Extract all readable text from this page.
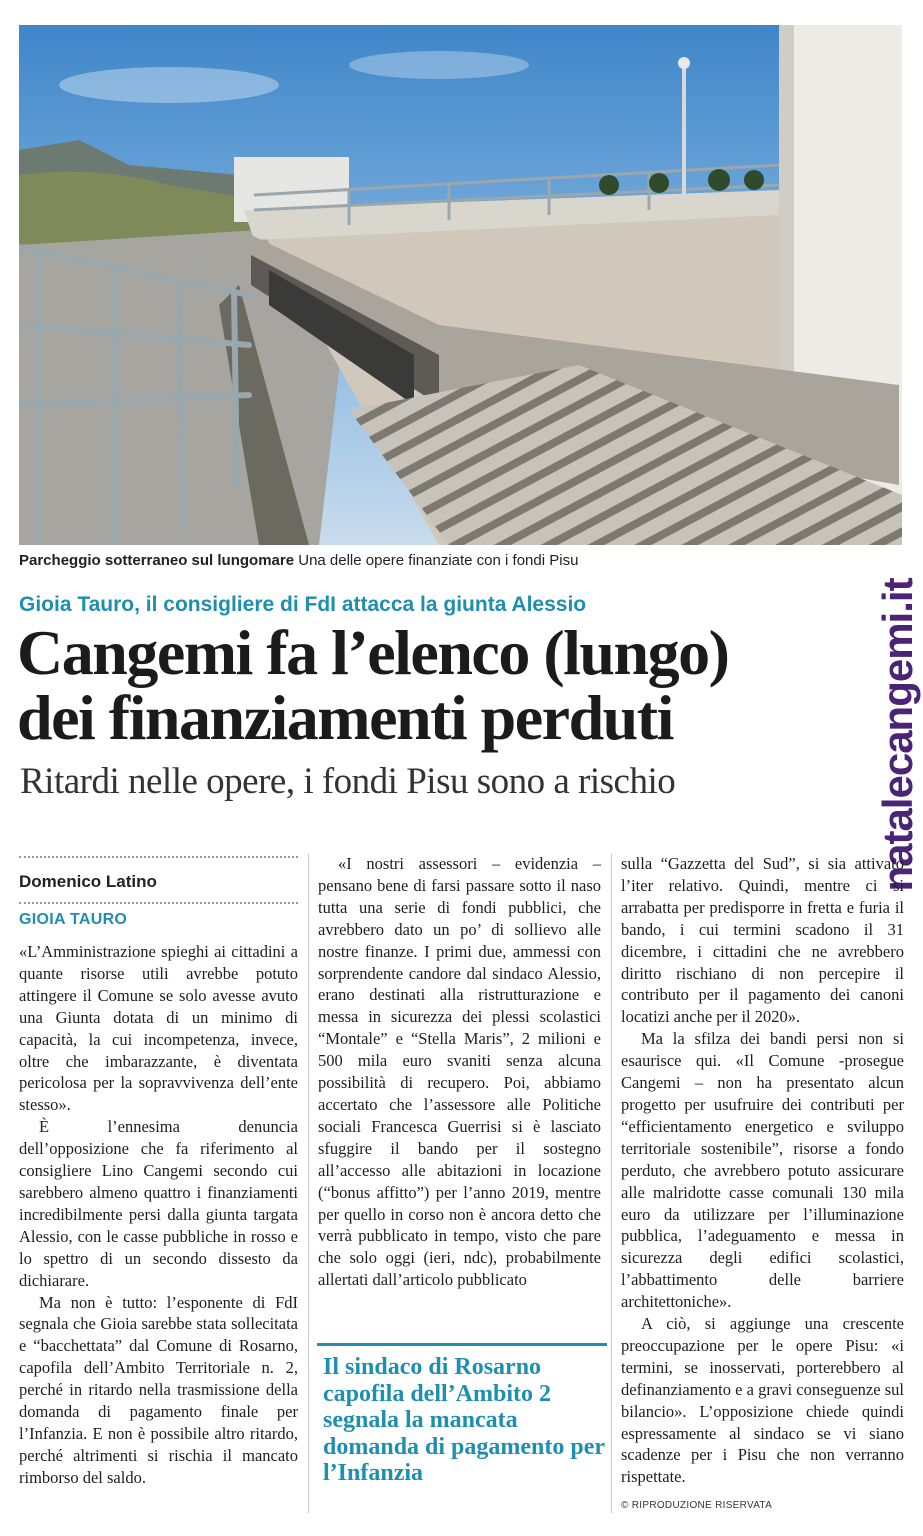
Parcheggio sotterraneo sul lungomare Una delle opere finanziate con i fondi Pisu
natalecangemi.it
Gioia Tauro, il consigliere di FdI attacca la giunta Alessio
Cangemi fa l’elenco (lungo)
dei finanziamenti perduti
Ritardi nelle opere, i fondi Pisu sono a rischio
Domenico Latino
GIOIA TAURO

«L’Amministrazione spieghi ai cittadini a quante risorse utili avrebbe potuto attingere il Comune se solo avesse avuto una Giunta dotata di un minimo di capacità, la cui incompetenza, invece, oltre che imbarazzante, è diventata pericolosa per la sopravvivenza dell’ente stesso».

È l’ennesima denuncia dell’opposizione che fa riferimento al consigliere Lino Cangemi secondo cui sarebbero almeno quattro i finanziamenti incredibilmente persi dalla giunta targata Alessio, con le casse pubbliche in rosso e lo spettro di un secondo dissesto da dichiarare.

Ma non è tutto: l’esponente di FdI segnala che Gioia sarebbe stata sollecitata e “bacchettata” dal Comune di Rosarno, capofila dell’Ambito Territoriale n. 2, perché in ritardo nella trasmissione della domanda di pagamento finale per l’Infanzia. E non è possibile altro ritardo, perché altrimenti si rischia il mancato rimborso del saldo.

«I nostri assessori – evidenzia – pensano bene di farsi passare sotto il naso tutta una serie di fondi pubblici, che avrebbero dato un po’ di sollievo alle nostre finanze. I primi due, ammessi con sorprendente candore dal sindaco Alessio, erano destinati alla ristrutturazione e messa in sicurezza dei plessi scolastici “Montale” e “Stella Maris”, 2 milioni e 500 mila euro svaniti senza alcuna possibilità di recupero. Poi, abbiamo accertato che l’assessore alle Politiche sociali Francesca Guerrisi si è lasciato sfuggire il bando per il sostegno all’accesso alle abitazioni in locazione (“bonus affitto”) per l’anno 2019, mentre per quello in corso non è ancora detto che verrà pubblicato in tempo, visto che pare che solo oggi (ieri, ndc), probabilmente allertati dall’articolo pubblicato

Il sindaco di Rosarno capofila dell’Ambito 2 segnala la mancata domanda di pagamento per l’Infanzia

sulla “Gazzetta del Sud”, si sia attivato l’iter relativo. Quindi, mentre ci si arrabatta per predisporre in fretta e furia il bando, i cui termini scadono il 31 dicembre, i cittadini che ne avrebbero diritto rischiano di non percepire il contributo per il pagamento dei canoni locatizi anche per il 2020».

Ma la sfilza dei bandi persi non si esaurisce qui. «Il Comune -prosegue Cangemi – non ha presentato alcun progetto per usufruire dei contributi per “efficientamento energetico e sviluppo territoriale sostenibile”, risorse a fondo perduto, che avrebbero potuto assicurare alle malridotte casse comunali 130 mila euro da utilizzare per l’illuminazione pubblica, l’adeguamento e messa in sicurezza degli edifici scolastici, l’abbattimento delle barriere architettoniche».

A ciò, si aggiunge una crescente preoccupazione per le opere Pisu: «i termini, se inosservati, porterebbero al definanziamento e a gravi conseguenze sul bilancio». L’opposizione chiede quindi espressamente al sindaco se vi siano scadenze per i Pisu che non verranno rispettate.

© RIPRODUZIONE RISERVATA
